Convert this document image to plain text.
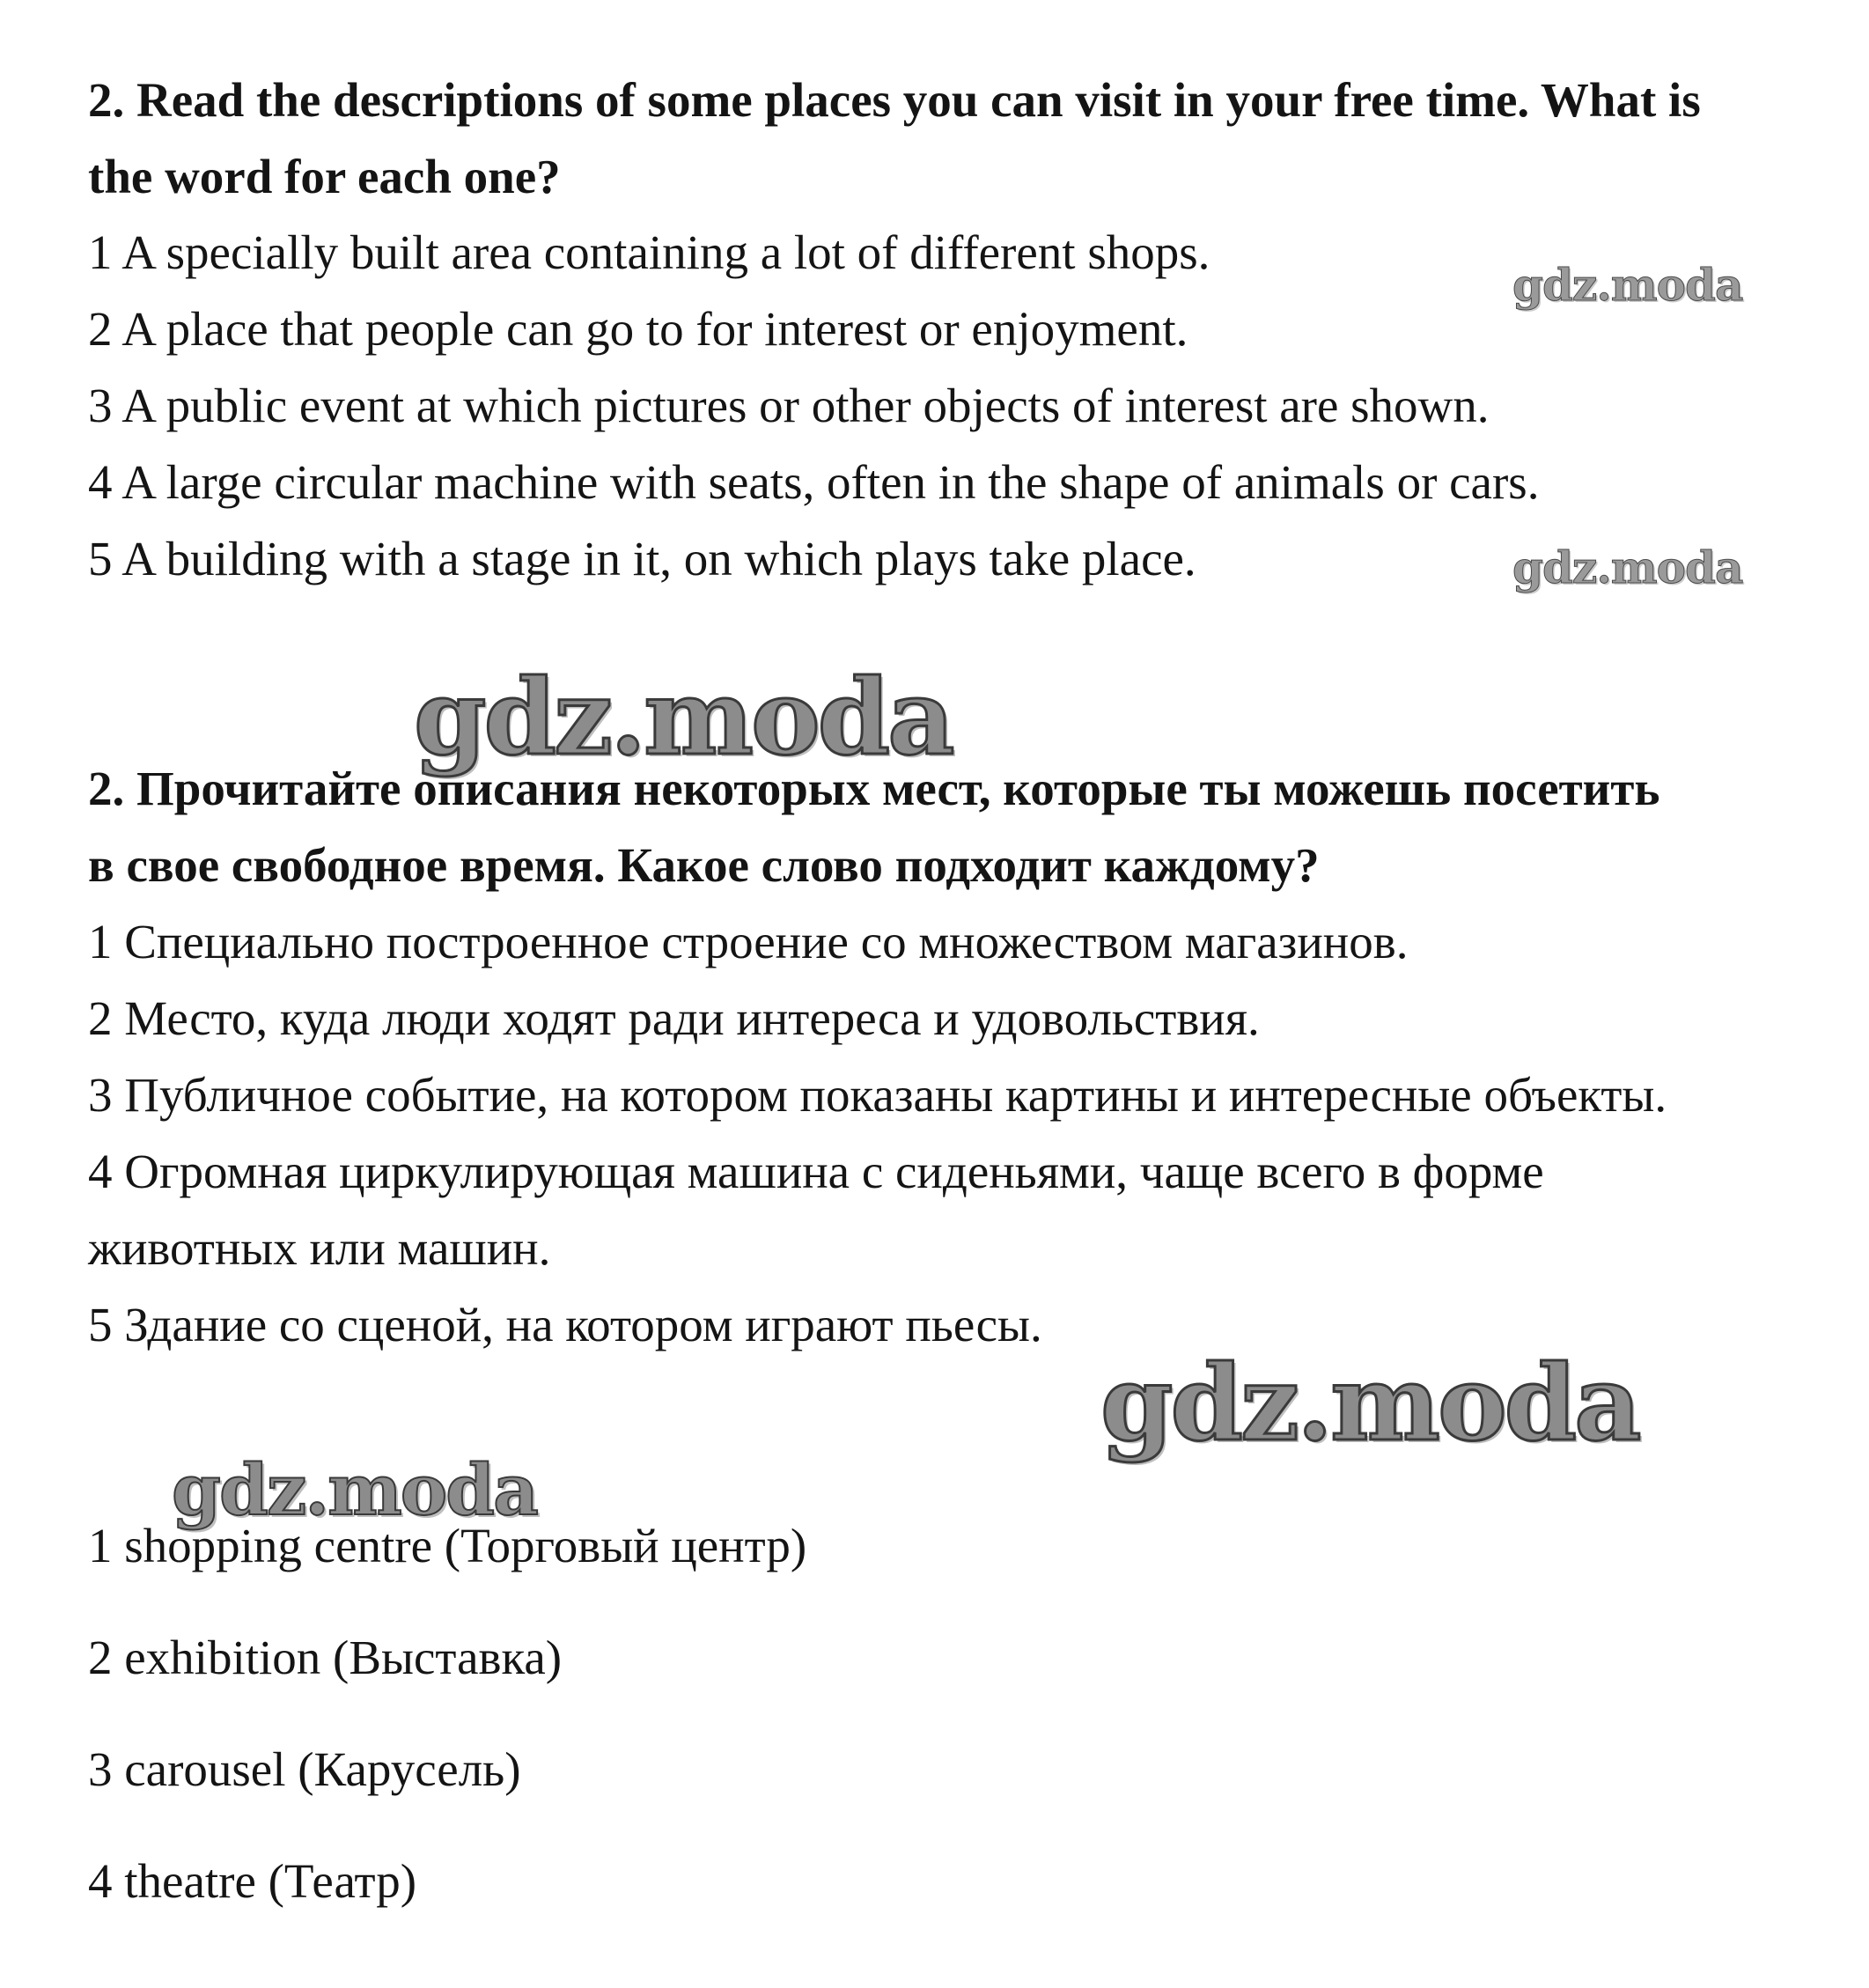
2. Read the descriptions of some places you can visit in your free time. What is
the word for each one?
1 A specially built area containing a lot of different shops.
2 A place that people can go to for interest or enjoyment.
3 A public event at which pictures or other objects of interest are shown.
4 A large circular machine with seats, often in the shape of animals or cars.
5 A building with a stage in it, on which plays take place.
2. Прочитайте описания некоторых мест, которые ты можешь посетить
в свое свободное время. Какое слово подходит каждому?
1 Специально построенное строение со множеством магазинов.
2 Место, куда люди ходят ради интереса и удовольствия.
3 Публичное событие, на котором показаны картины и интересные объекты.
4 Огромная циркулирующая машина с сиденьями, чаще всего в форме
животных или машин.
5 Здание со сценой, на котором играют пьесы.
1 shopping centre (Торговый центр)
2 exhibition (Выставка)
3 carousel (Карусель)
4 theatre (Театр)
gdz.moda
gdz.moda
gdz.moda
gdz.moda
gdz.moda
